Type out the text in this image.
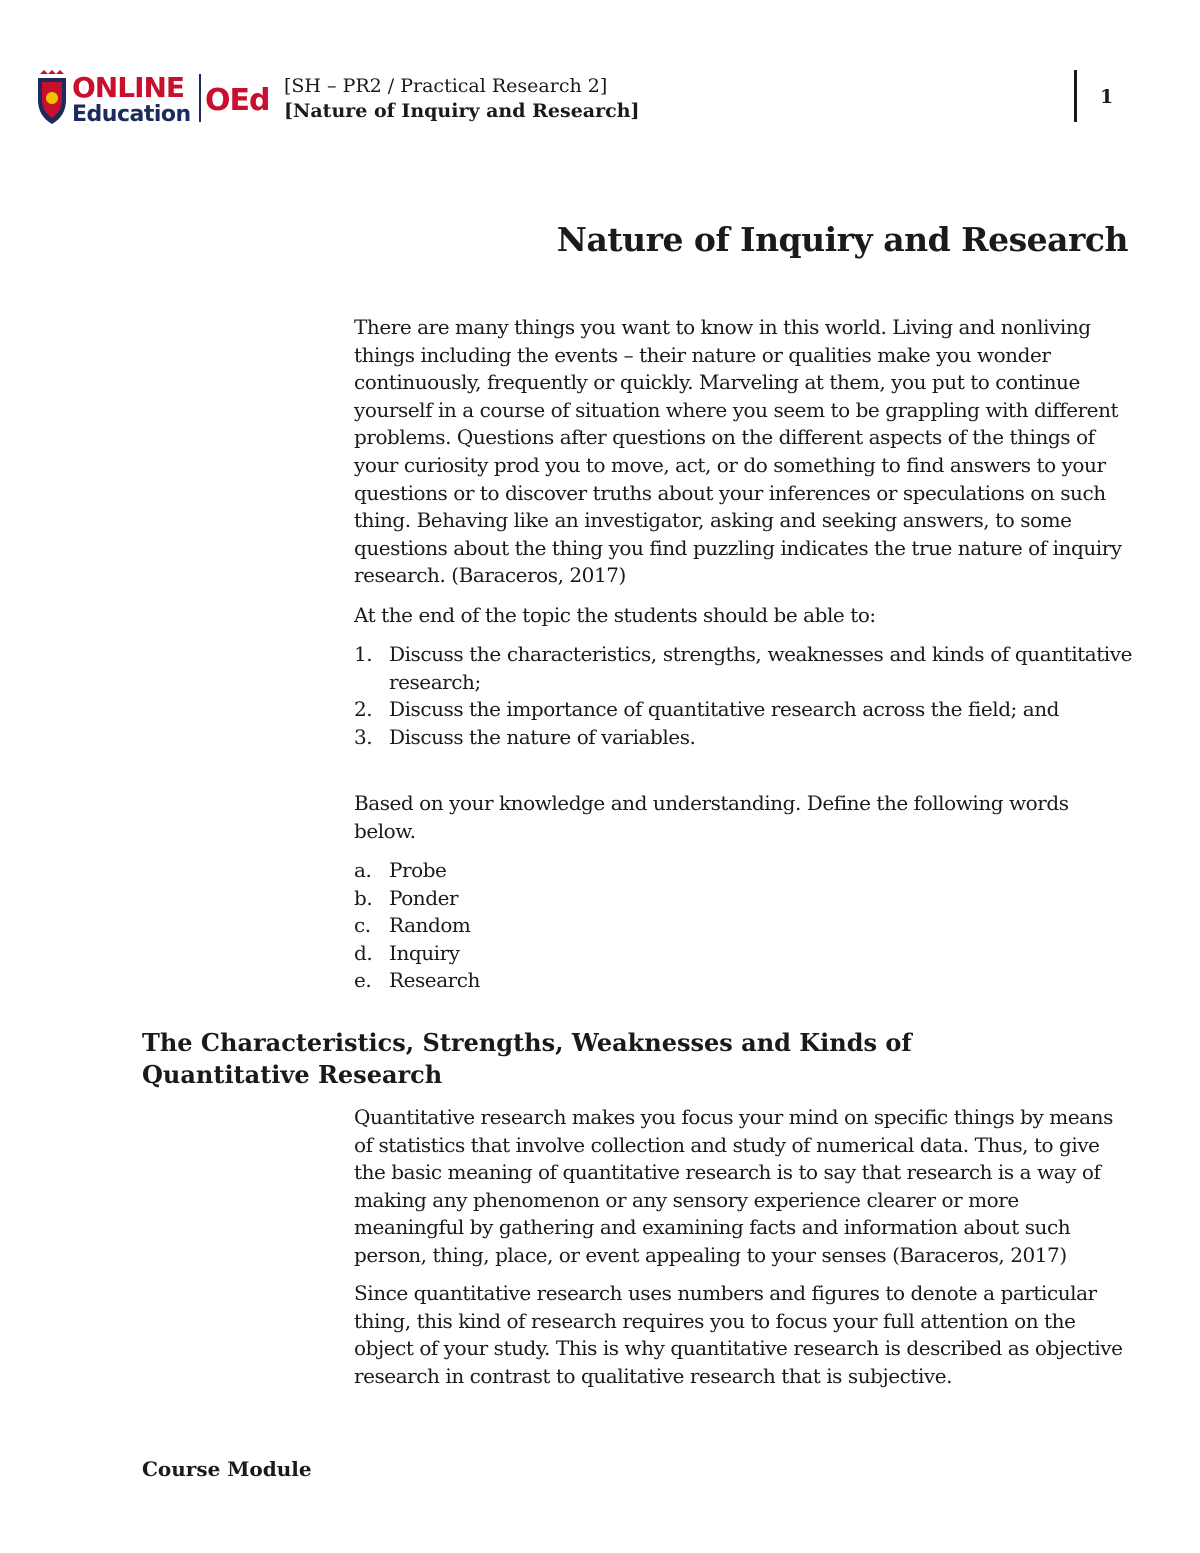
ONLINE
Education OEd [SH – PR2 / Practical Research 2]
[Nature of Inquiry and Research]
1
Nature of Inquiry and Research

There are many things you want to know in this world. Living and nonliving things including the events – their nature or qualities make you wonder continuously, frequently or quickly. Marveling at them, you put to continue yourself in a course of situation where you seem to be grappling with different problems. Questions after questions on the different aspects of the things of your curiosity prod you to move, act, or do something to find answers to your questions or to discover truths about your inferences or speculations on such thing. Behaving like an investigator, asking and seeking answers, to some questions about the thing you find puzzling indicates the true nature of inquiry research. (Baraceros, 2017)

At the end of the topic the students should be able to:

1. Discuss the characteristics, strengths, weaknesses and kinds of quantitative research;
2. Discuss the importance of quantitative research across the field; and
3. Discuss the nature of variables.

Based on your knowledge and understanding. Define the following words below.

a. Probe
b. Ponder
c. Random
d. Inquiry
e. Research
The Characteristics, Strengths, Weaknesses and Kinds of Quantitative Research

Quantitative research makes you focus your mind on specific things by means of statistics that involve collection and study of numerical data. Thus, to give the basic meaning of quantitative research is to say that research is a way of making any phenomenon or any sensory experience clearer or more meaningful by gathering and examining facts and information about such person, thing, place, or event appealing to your senses (Baraceros, 2017)

Since quantitative research uses numbers and figures to denote a particular thing, this kind of research requires you to focus your full attention on the object of your study. This is why quantitative research is described as objective research in contrast to qualitative research that is subjective.

Course Module
